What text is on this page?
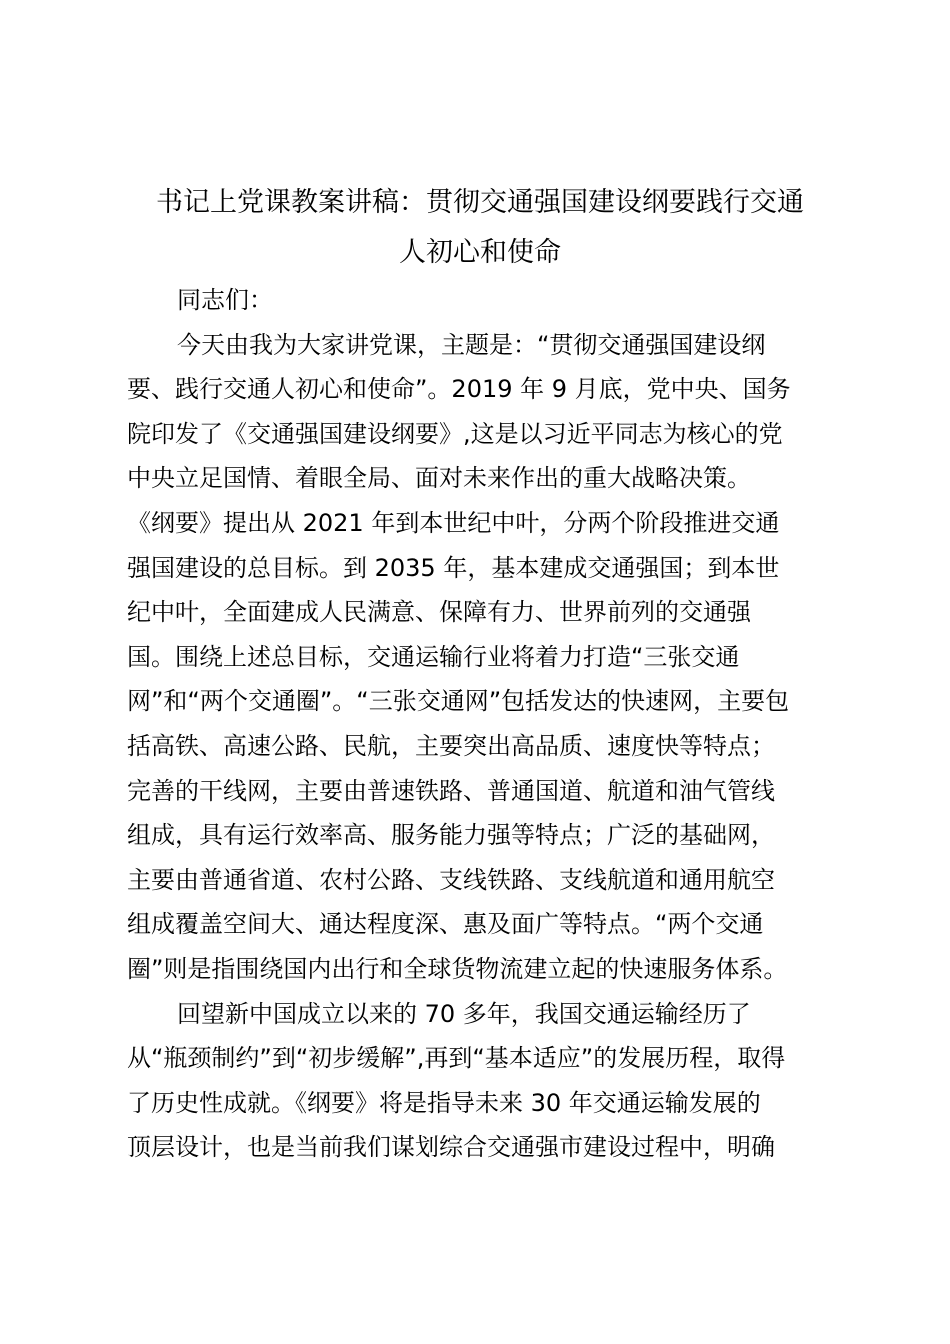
书记上党课教案讲稿：贯彻交通强国建设纲要践行交通
人初心和使命
同志们：
今天由我为大家讲党课，主题是：“贯彻交通强国建设纲
要、践行交通人初心和使命”。2019 年 9 月底，党中央、国务
院印发了《交通强国建设纲要》,这是以习近平同志为核心的党
中央立足国情、着眼全局、面对未来作出的重大战略决策。
《纲要》提出从 2021 年到本世纪中叶，分两个阶段推进交通
强国建设的总目标。到 2035 年，基本建成交通强国；到本世
纪中叶，全面建成人民满意、保障有力、世界前列的交通强
国。围绕上述总目标，交通运输行业将着力打造“三张交通
网”和“两个交通圈”。“三张交通网”包括发达的快速网，主要包
括高铁、高速公路、民航，主要突出高品质、速度快等特点；
完善的干线网，主要由普速铁路、普通国道、航道和油气管线
组成，具有运行效率高、服务能力强等特点；广泛的基础网，
主要由普通省道、农村公路、支线铁路、支线航道和通用航空
组成覆盖空间大、通达程度深、惠及面广等特点。“两个交通
圈”则是指围绕国内出行和全球货物流建立起的快速服务体系。
回望新中国成立以来的 70 多年，我国交通运输经历了
从“瓶颈制约”到“初步缓解”,再到“基本适应”的发展历程，取得
了历史性成就。《纲要》将是指导未来 30 年交通运输发展的
顶层设计，也是当前我们谋划综合交通强市建设过程中，明确
